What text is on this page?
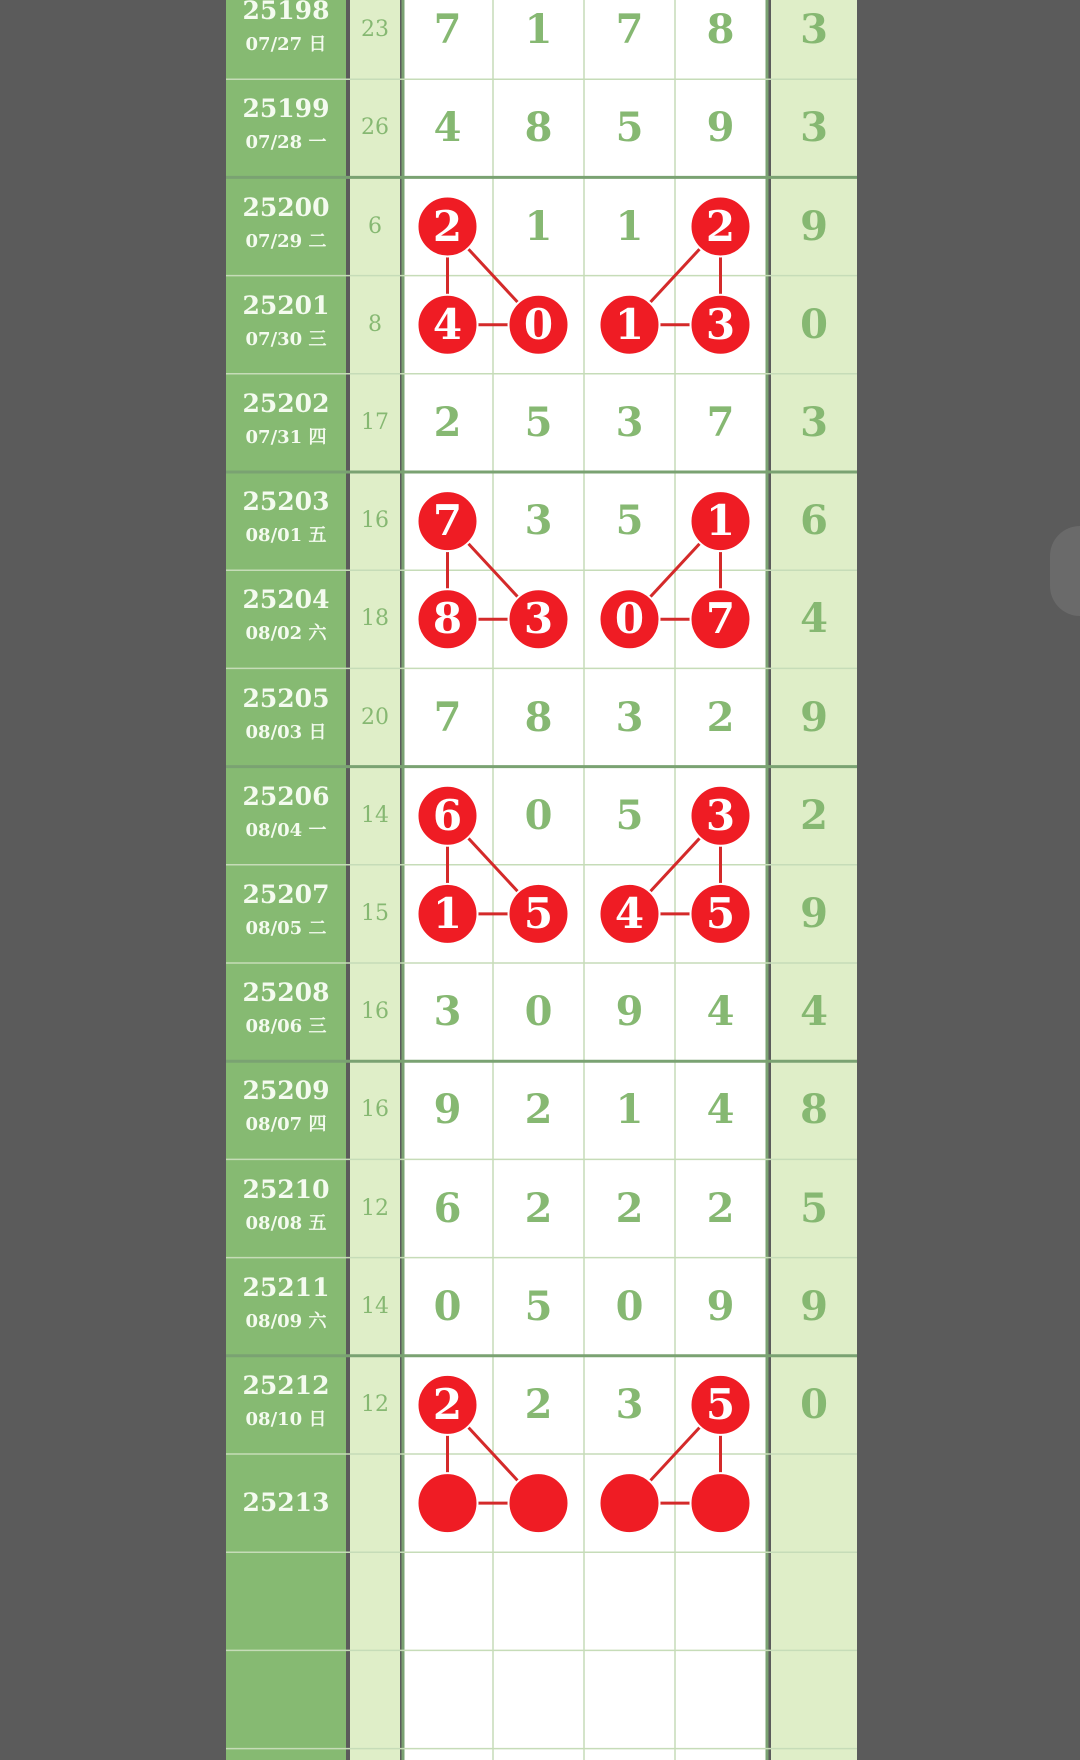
25198
07/27 日
23	7	1	7	8	3
25199
07/28 一
26	4	8	5	9	3
25200
07/29 二
6	2	1	1	2	9
25201
07/30 三
8	4	0	1	3	0
25202
07/31 四
17	2	5	3	7	3
25203
08/01 五
16	7	3	5	1	6
25204
08/02 六
18	8	3	0	7	4
25205
08/03 日
20	7	8	3	2	9
25206
08/04 一
14	6	0	5	3	2
25207
08/05 二
15	1	5	4	5	9
25208
08/06 三
16	3	0	9	4	4
25209
08/07 四
16	9	2	1	4	8
25210
08/08 五
12	6	2	2	2	5
25211
08/09 六
14	0	5	0	9	9
25212
08/10 日
12	2	2	3	5	0
25213
